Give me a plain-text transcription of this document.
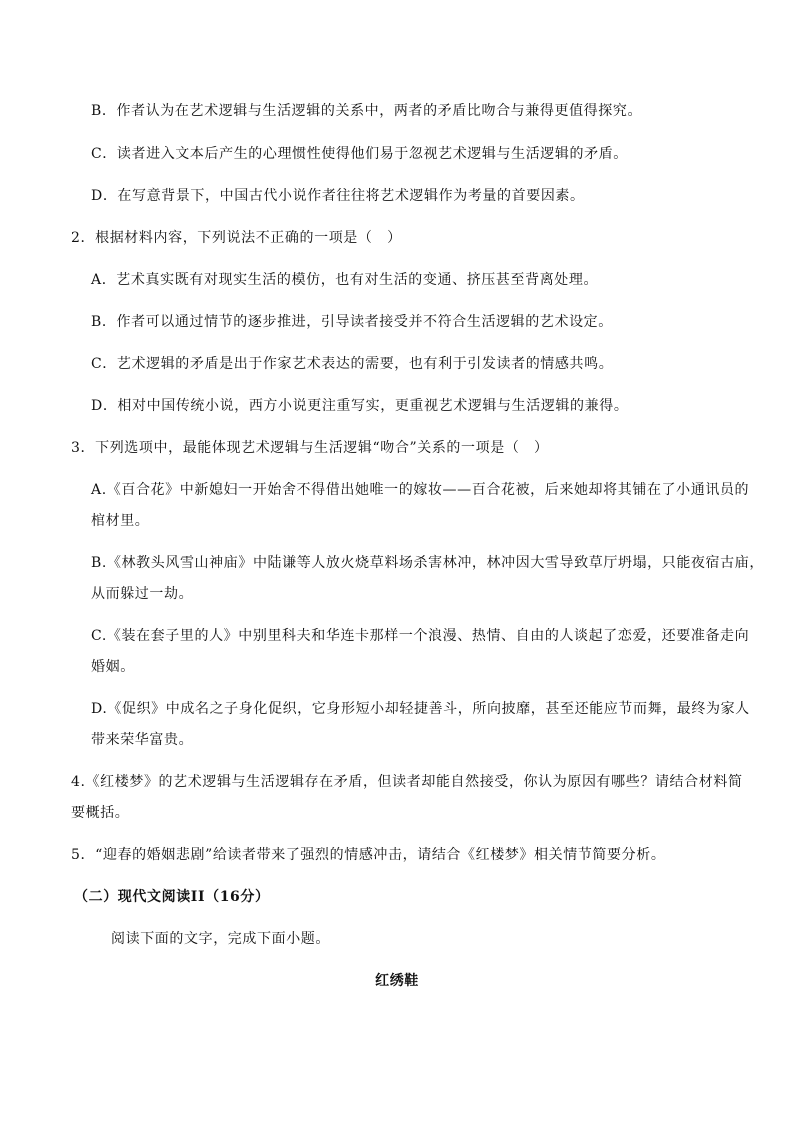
B．作者认为在艺术逻辑与生活逻辑的关系中，两者的矛盾比吻合与兼得更值得探究。
C．读者进入文本后产生的心理惯性使得他们易于忽视艺术逻辑与生活逻辑的矛盾。
D．在写意背景下，中国古代小说作者往往将艺术逻辑作为考量的首要因素。
2．根据材料内容，下列说法不正确的一项是（　）
A．艺术真实既有对现实生活的模仿，也有对生活的变通、挤压甚至背离处理。
B．作者可以通过情节的逐步推进，引导读者接受并不符合生活逻辑的艺术设定。
C．艺术逻辑的矛盾是出于作家艺术表达的需要，也有利于引发读者的情感共鸣。
D．相对中国传统小说，西方小说更注重写实，更重视艺术逻辑与生活逻辑的兼得。
3．下列选项中，最能体现艺术逻辑与生活逻辑“吻合”关系的一项是（　）
A.《百合花》中新媳妇一开始舍不得借出她唯一的嫁妆——百合花被，后来她却将其铺在了小通讯员的
棺材里。
B.《林教头风雪山神庙》中陆谦等人放火烧草料场杀害林冲，林冲因大雪导致草厅坍塌，只能夜宿古庙，
从而躲过一劫。
C.《装在套子里的人》中别里科夫和华连卡那样一个浪漫、热情、自由的人谈起了恋爱，还要准备走向
婚姻。
D.《促织》中成名之子身化促织，它身形短小却轻捷善斗，所向披靡，甚至还能应节而舞，最终为家人
带来荣华富贵。
4.《红楼梦》的艺术逻辑与生活逻辑存在矛盾，但读者却能自然接受，你认为原因有哪些？请结合材料简
要概括。
5．“迎春的婚姻悲剧”给读者带来了强烈的情感冲击，请结合《红楼梦》相关情节简要分析。
（二）现代文阅读II（16分）
阅读下面的文字，完成下面小题。
红绣鞋
